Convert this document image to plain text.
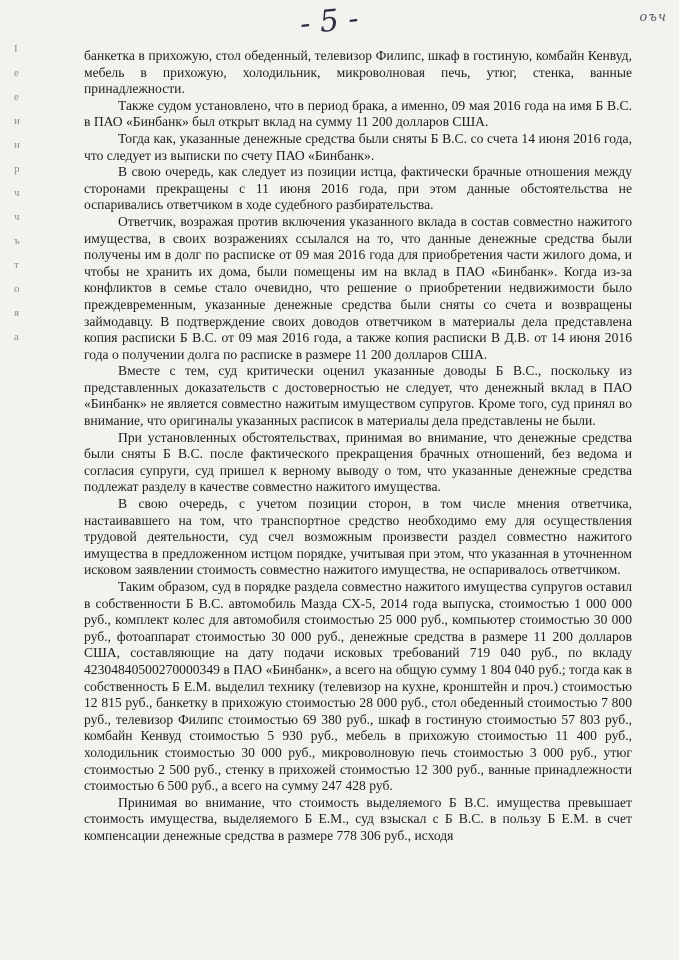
- 5 -	оъч
I
е
е
и
н
р
ч
ч
ъ
т
о
я
а

банкетка в прихожую, стол обеденный, телевизор Филипс, шкаф в гостиную, комбайн Кенвуд, мебель в прихожую, холодильник, микроволновая печь, утюг, стенка, ванные принадлежности.

Также судом установлено, что в период брака, а именно, 09 мая 2016 года на имя Б В.С. в ПАО «Бинбанк» был открыт вклад на сумму 11 200 долларов США.

Тогда как, указанные денежные средства были сняты Б В.С. со счета 14 июня 2016 года, что следует из выписки по счету ПАО «Бинбанк».

В свою очередь, как следует из позиции истца, фактически брачные отношения между сторонами прекращены с 11 июня 2016 года, при этом данные обстоятельства не оспаривались ответчиком в ходе судебного разбирательства.

Ответчик, возражая против включения указанного вклада в состав совместно нажитого имущества, в своих возражениях ссылался на то, что данные денежные средства были получены им в долг по расписке от 09 мая 2016 года для приобретения части жилого дома, и чтобы не хранить их дома, были помещены им на вклад в ПАО «Бинбанк». Когда из-за конфликтов в семье стало очевидно, что решение о приобретении недвижимости было преждевременным, указанные денежные средства были сняты со счета и возвращены займодавцу. В подтверждение своих доводов ответчиком в материалы дела представлена копия расписки Б В.С. от 09 мая 2016 года, а также копия расписки В Д.В. от 14 июня 2016 года о получении долга по расписке в размере 11 200 долларов США.

Вместе с тем, суд критически оценил указанные доводы Б В.С., поскольку из представленных доказательств с достоверностью не следует, что денежный вклад в ПАО «Бинбанк» не является совместно нажитым имуществом супругов. Кроме того, суд принял во внимание, что оригиналы указанных расписок в материалы дела представлены не были.

При установленных обстоятельствах, принимая во внимание, что денежные средства были сняты Б В.С. после фактического прекращения брачных отношений, без ведома и согласия супруги, суд пришел к верному выводу о том, что указанные денежные средства подлежат разделу в качестве совместно нажитого имущества.

В свою очередь, с учетом позиции сторон, в том числе мнения ответчика, настаивавшего на том, что транспортное средство необходимо ему для осуществления трудовой деятельности, суд счел возможным произвести раздел совместно нажитого имущества в предложенном истцом порядке, учитывая при этом, что указанная в уточненном исковом заявлении стоимость совместно нажитого имущества, не оспаривалось ответчиком.

Таким образом, суд в порядке раздела совместно нажитого имущества супругов оставил в собственности Б В.С. автомобиль Мазда СХ-5, 2014 года выпуска, стоимостью 1 000 000 руб., комплект колес для автомобиля стоимостью 25 000 руб., компьютер стоимостью 30 000 руб., фотоаппарат стоимостью 30 000 руб., денежные средства в размере 11 200 долларов США, составляющие на дату подачи исковых требований 719 040 руб., по вкладу 42304840500270000349 в ПАО «Бинбанк», а всего на общую сумму 1 804 040 руб.; тогда как в собственность Б Е.М. выделил технику (телевизор на кухне, кронштейн и проч.) стоимостью 12 815 руб., банкетку в прихожую стоимостью 28 000 руб., стол обеденный стоимостью 7 800 руб., телевизор Филипс стоимостью 69 380 руб., шкаф в гостиную стоимостью 57 803 руб., комбайн Кенвуд стоимостью 5 930 руб., мебель в прихожую стоимостью 11 400 руб., холодильник стоимостью 30 000 руб., микроволновую печь стоимостью 3 000 руб., утюг стоимостью 2 500 руб., стенку в прихожей стоимостью 12 300 руб., ванные принадлежности стоимостью 6 500 руб., а всего на сумму 247 428 руб.

Принимая во внимание, что стоимость выделяемого Б В.С. имущества превышает стоимость имущества, выделяемого Б Е.М., суд взыскал с Б В.С. в пользу Б Е.М. в счет компенсации денежные средства в размере 778 306 руб., исходя
